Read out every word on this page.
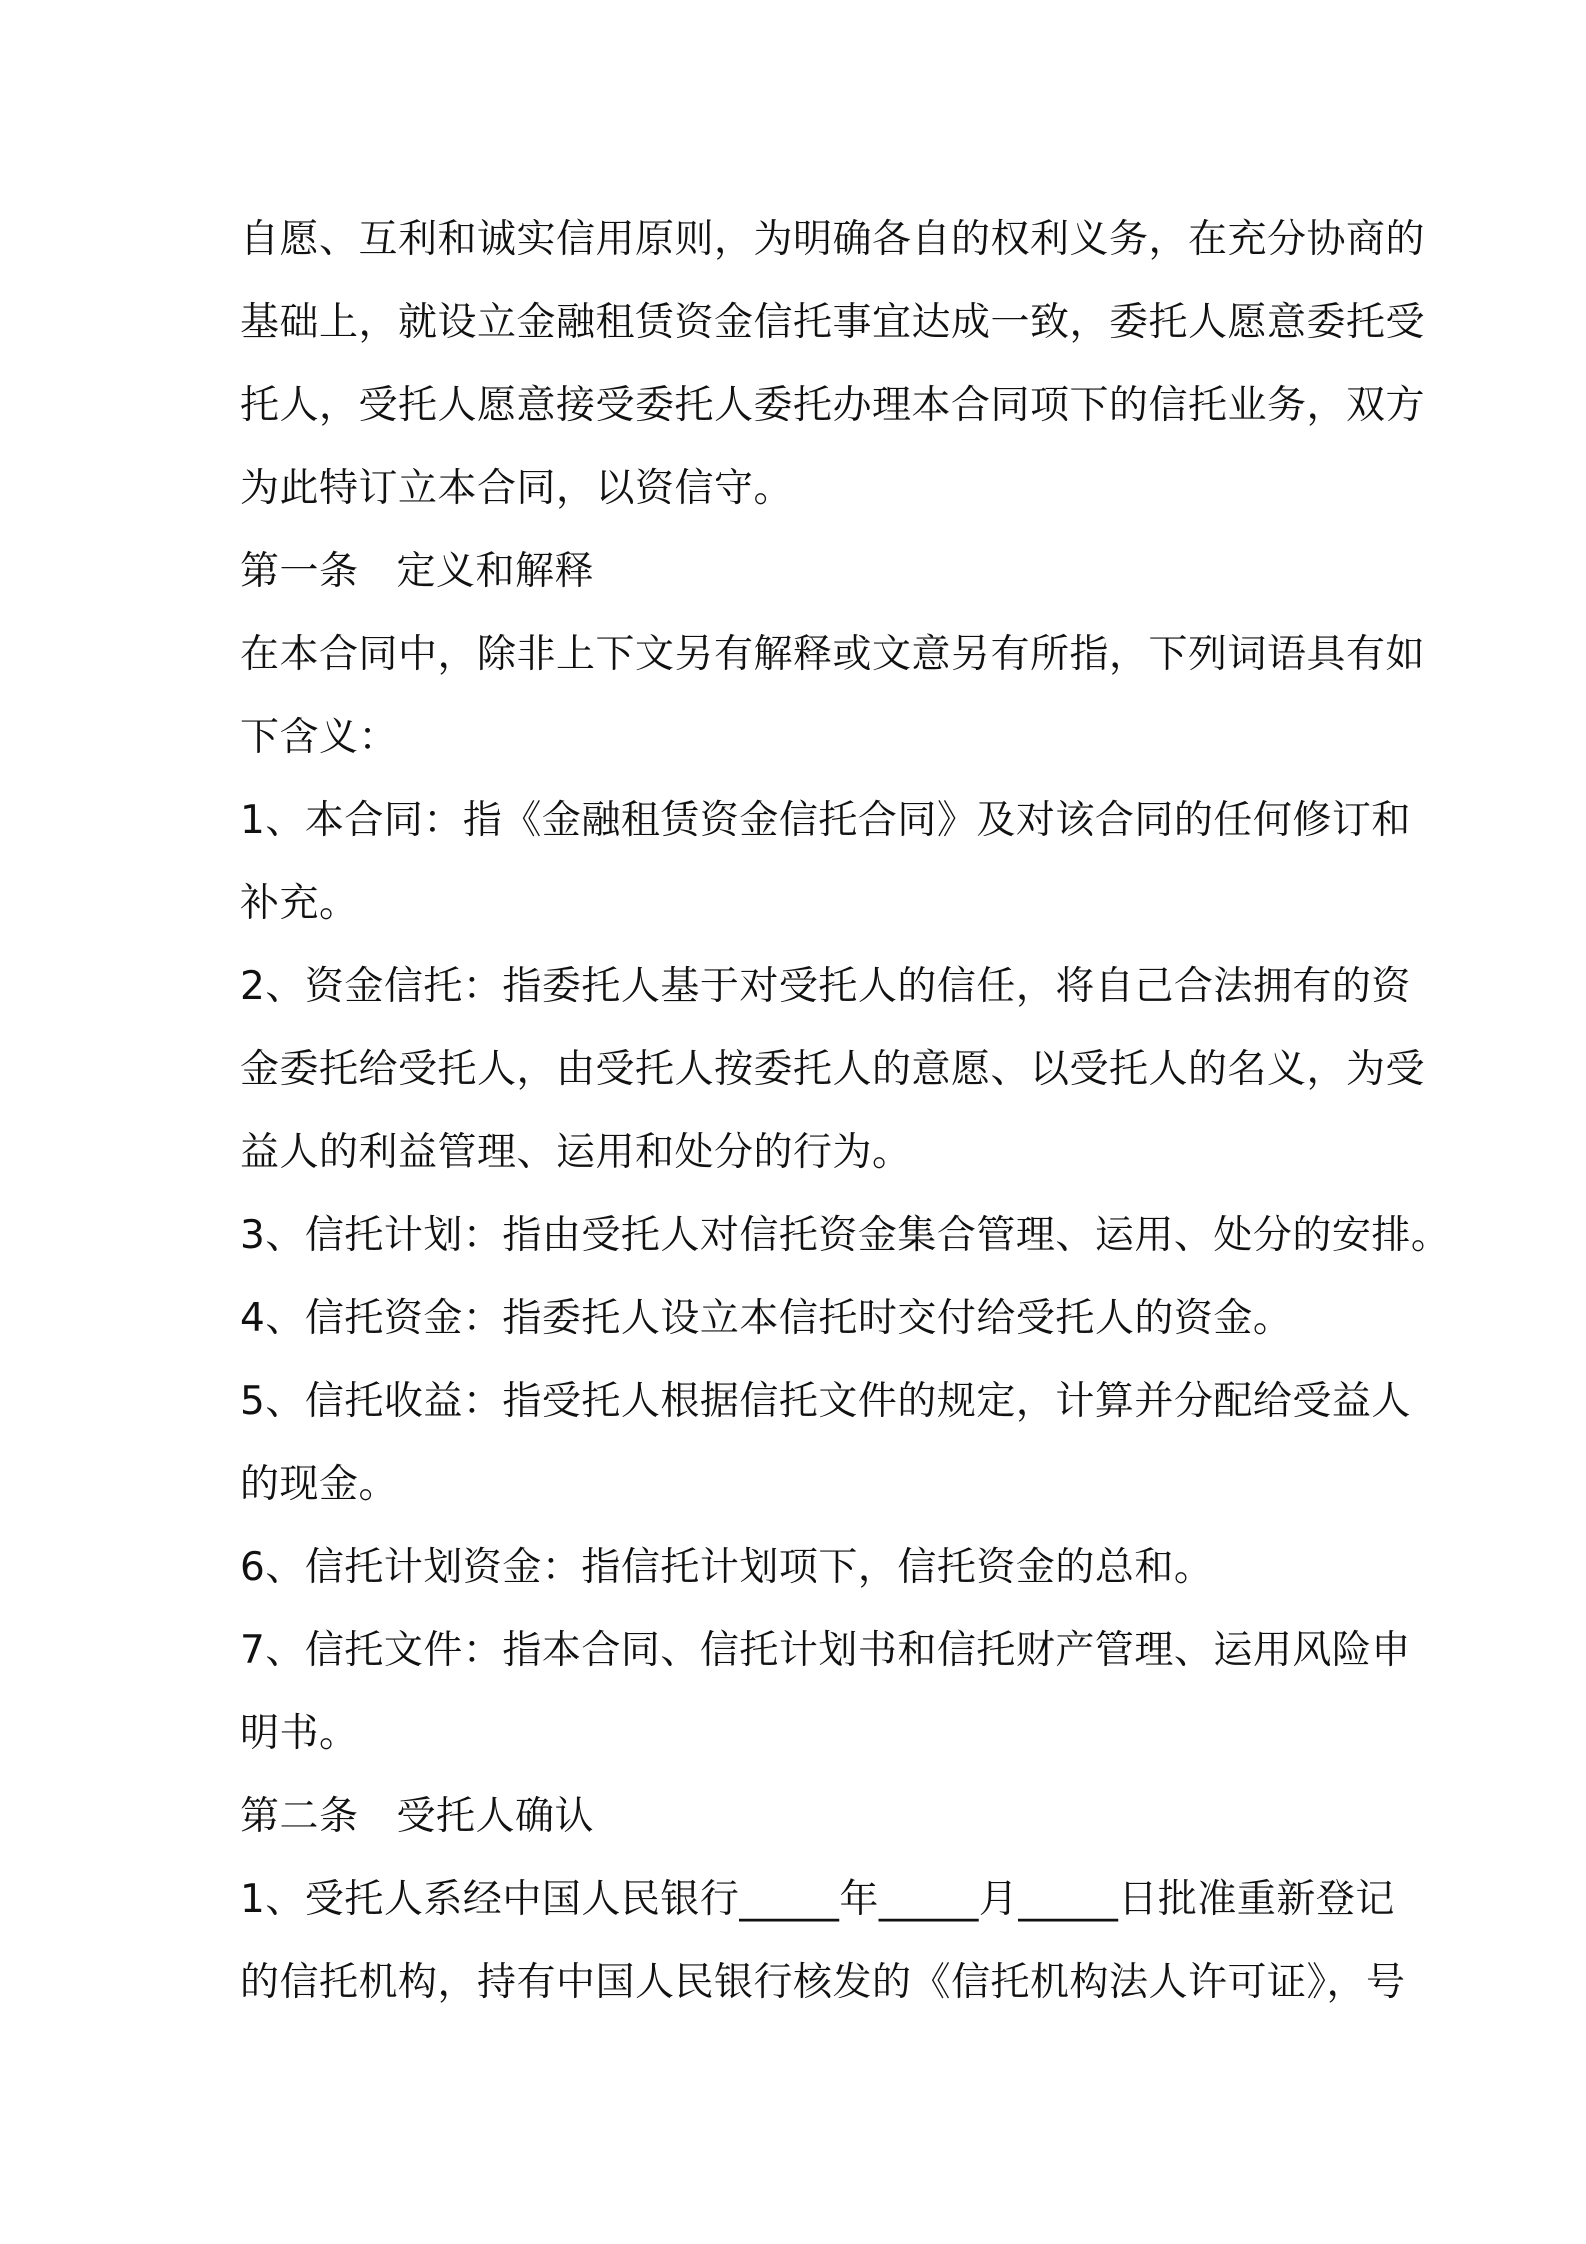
自愿、互利和诚实信用原则，为明确各自的权利义务，在充分协商的
基础上，就设立金融租赁资金信托事宜达成一致，委托人愿意委托受
托人，受托人愿意接受委托人委托办理本合同项下的信托业务，双方
为此特订立本合同，以资信守。
第一条 定义和解释
在本合同中，除非上下文另有解释或文意另有所指，下列词语具有如
下含义：
1、本合同：指《金融租赁资金信托合同》及对该合同的任何修订和
补充。
2、资金信托：指委托人基于对受托人的信任，将自己合法拥有的资
金委托给受托人，由受托人按委托人的意愿、以受托人的名义，为受
益人的利益管理、运用和处分的行为。
3、信托计划：指由受托人对信托资金集合管理、运用、处分的安排。
4、信托资金：指委托人设立本信托时交付给受托人的资金。
5、信托收益：指受托人根据信托文件的规定，计算并分配给受益人
的现金。
6、信托计划资金：指信托计划项下，信托资金的总和。
7、信托文件：指本合同、信托计划书和信托财产管理、运用风险申
明书。
第二条 受托人确认
1、受托人系经中国人民银行_____年_____月_____日批准重新登记
的信托机构，持有中国人民银行核发的《信托机构法人许可证》，号
